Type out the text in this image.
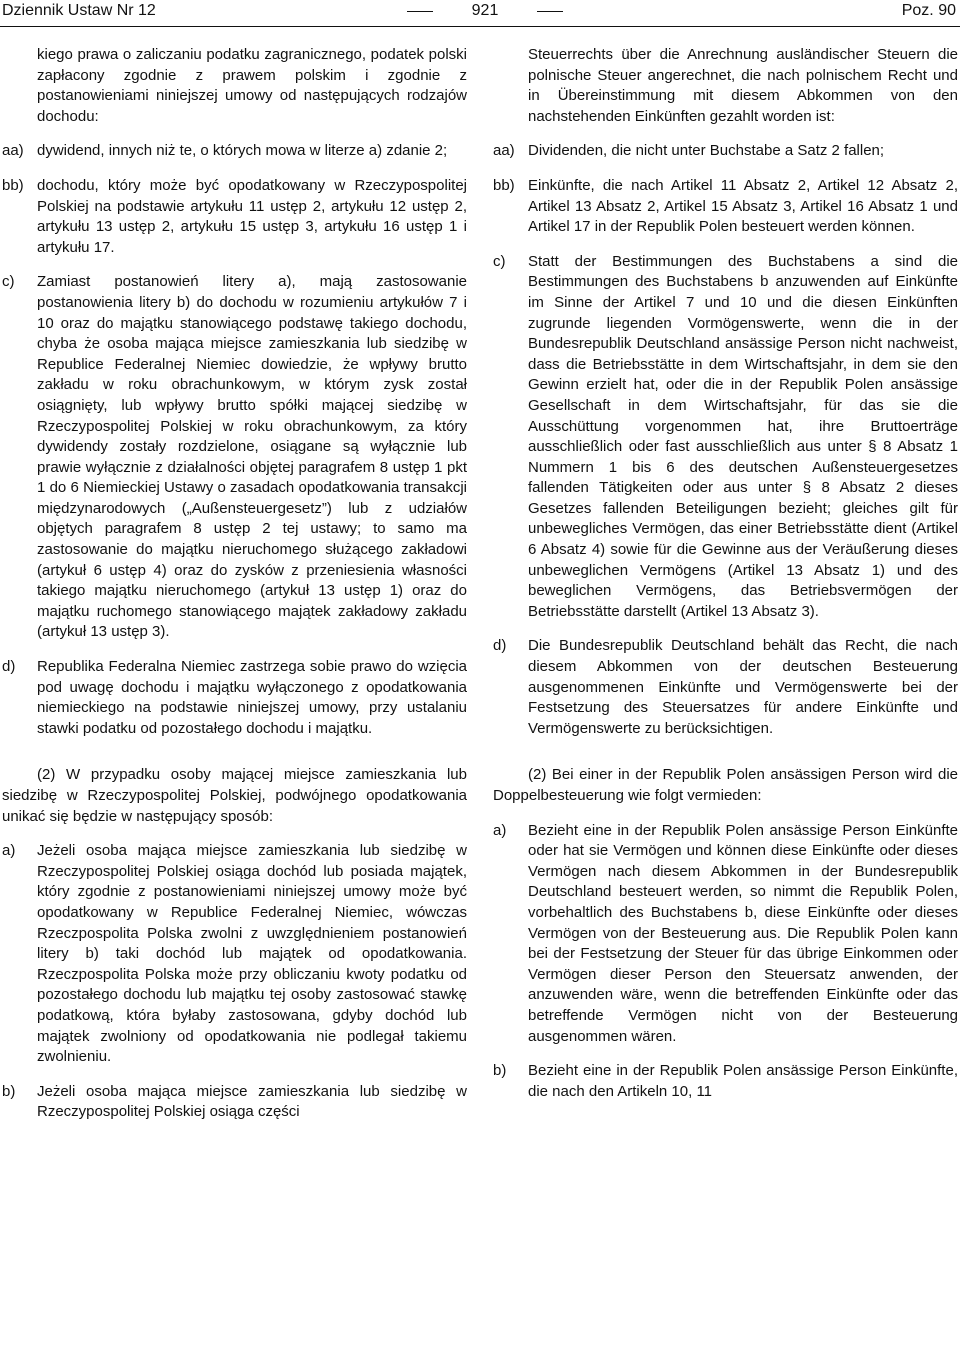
Dziennik Ustaw Nr 12	921	Poz. 90

kiego prawa o zaliczaniu podatku zagranicznego, podatek polski zapłacony zgodnie z prawem polskim i zgodnie z postanowieniami niniejszej umowy od następujących rodzajów dochodu:

aa) dywidend, innych niż te, o których mowa w literze a) zdanie 2;
bb) dochodu, który może być opodatkowany w Rzeczypospolitej Polskiej na podstawie artykułu 11 ustęp 2, artykułu 12 ustęp 2, artykułu 13 ustęp 2, artykułu 15 ustęp 3, artykułu 16 ustęp 1 i artykułu 17.
c) Zamiast postanowień litery a), mają zastosowanie postanowienia litery b) do dochodu w rozumieniu artykułów 7 i 10 oraz do majątku stanowiącego podstawę takiego dochodu, chyba że osoba mająca miejsce zamieszkania lub siedzibę w Republice Federalnej Niemiec dowiedzie, że wpływy brutto zakładu w roku obrachunkowym, w którym zysk został osiągnięty, lub wpływy brutto spółki mającej siedzibę w Rzeczypospolitej Polskiej w roku obrachunkowym, za który dywidendy zostały rozdzielone, osiągane są wyłącznie lub prawie wyłącznie z działalności objętej paragrafem 8 ustęp 1 pkt 1 do 6 Niemieckiej Ustawy o zasadach opodatkowania transakcji międzynarodowych („Außensteuergesetz”) lub z udziałów objętych paragrafem 8 ustęp 2 tej ustawy; to samo ma zastosowanie do majątku nieruchomego służącego zakładowi (artykuł 6 ustęp 4) oraz do zysków z przeniesienia własności takiego majątku nieruchomego (artykuł 13 ustęp 1) oraz do majątku ruchomego stanowiącego majątek zakładowy zakładu (artykuł 13 ustęp 3).
d) Republika Federalna Niemiec zastrzega sobie prawo do wzięcia pod uwagę dochodu i majątku wyłączonego z opodatkowania niemieckiego na podstawie niniejszej umowy, przy ustalaniu stawki podatku od pozostałego dochodu i majątku.

(2) W przypadku osoby mającej miejsce zamieszkania lub siedzibę w Rzeczypospolitej Polskiej, podwójnego opodatkowania unikać się będzie w następujący sposób:

a) Jeżeli osoba mająca miejsce zamieszkania lub siedzibę w Rzeczypospolitej Polskiej osiąga dochód lub posiada majątek, który zgodnie z postanowieniami niniejszej umowy może być opodatkowany w Republice Federalnej Niemiec, wówczas Rzeczpospolita Polska zwolni z uwzględnieniem postanowień litery b) taki dochód lub majątek od opodatkowania. Rzeczpospolita Polska może przy obliczaniu kwoty podatku od pozostałego dochodu lub majątku tej osoby zastosować stawkę podatkową, która byłaby zastosowana, gdyby dochód lub majątek zwolniony od opodatkowania nie podlegał takiemu zwolnieniu.
b) Jeżeli osoba mająca miejsce zamieszkania lub siedzibę w Rzeczypospolitej Polskiej osiąga części

Steuerrechts über die Anrechnung ausländischer Steuern die polnische Steuer angerechnet, die nach polnischem Recht und in Übereinstimmung mit diesem Abkommen von den nachstehenden Einkünften gezahlt worden ist:

aa) Dividenden, die nicht unter Buchstabe a Satz 2 fallen;
bb) Einkünfte, die nach Artikel 11 Absatz 2, Artikel 12 Absatz 2, Artikel 13 Absatz 2, Artikel 15 Absatz 3, Artikel 16 Absatz 1 und Artikel 17 in der Republik Polen besteuert werden können.
c) Statt der Bestimmungen des Buchstabens a sind die Bestimmungen des Buchstabens b anzuwenden auf Einkünfte im Sinne der Artikel 7 und 10 und die diesen Einkünften zugrunde liegenden Vormögenswerte, wenn die in der Bundesrepublik Deutschland ansässige Person nicht nachweist, dass die Betriebsstätte in dem Wirtschaftsjahr, in dem sie den Gewinn erzielt hat, oder die in der Republik Polen ansässige Gesellschaft in dem Wirtschaftsjahr, für das sie die Ausschüttung vorgenommen hat, ihre Bruttoerträge ausschließlich oder fast ausschließlich aus unter § 8 Absatz 1 Nummern 1 bis 6 des deutschen Außensteuergesetzes fallenden Tätigkeiten oder aus unter § 8 Absatz 2 dieses Gesetzes fallenden Beteiligungen bezieht; gleiches gilt für unbewegliches Vermögen, das einer Betriebsstätte dient (Artikel 6 Absatz 4) sowie für die Gewinne aus der Veräußerung dieses unbeweglichen Vermögens (Artikel 13 Absatz 1) und des beweglichen Vermögens, das Betriebsvermögen der Betriebsstätte darstellt (Artikel 13 Absatz 3).
d) Die Bundesrepublik Deutschland behält das Recht, die nach diesem Abkommen von der deutschen Besteuerung ausgenommenen Einkünfte und Vermögenswerte bei der Festsetzung des Steuersatzes für andere Einkünfte und Vermögenswerte zu berücksichtigen.

(2) Bei einer in der Republik Polen ansässigen Person wird die Doppelbesteuerung wie folgt vermieden:

a) Bezieht eine in der Republik Polen ansässige Person Einkünfte oder hat sie Vermögen und können diese Einkünfte oder dieses Vermögen nach diesem Abkommen in der Bundesrepublik Deutschland besteuert werden, so nimmt die Republik Polen, vorbehaltlich des Buchstabens b, diese Einkünfte oder dieses Vermögen von der Besteuerung aus. Die Republik Polen kann bei der Festsetzung der Steuer für das übrige Einkommen oder Vermögen dieser Person den Steuersatz anwenden, der anzuwenden wäre, wenn die betreffenden Einkünfte oder das betreffende Vermögen nicht von der Besteuerung ausgenommen wären.
b) Bezieht eine in der Republik Polen ansässige Person Einkünfte, die nach den Artikeln 10, 11
